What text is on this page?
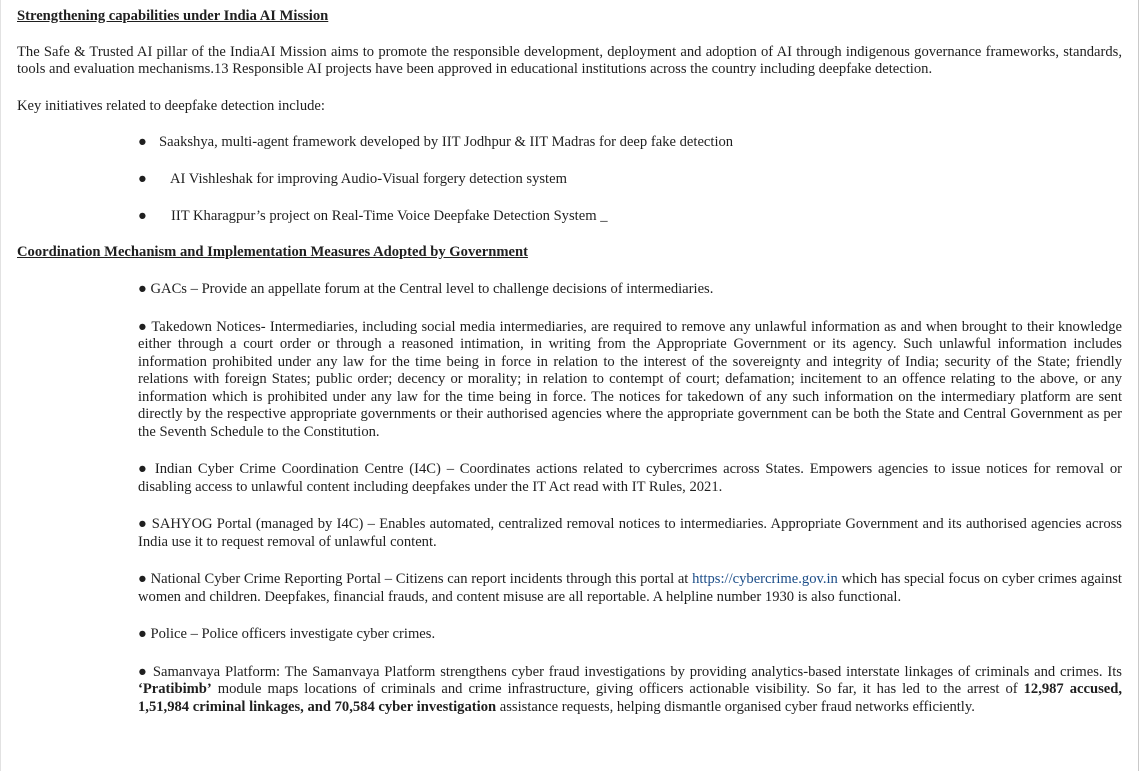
Strengthening capabilities under India AI Mission

The Safe & Trusted AI pillar of the IndiaAI Mission aims to promote the responsible development, deployment and adoption of AI through indigenous governance frameworks, standards, tools and evaluation mechanisms.13 Responsible AI projects have been approved in educational institutions across the country including deepfake detection.

Key initiatives related to deepfake detection include:

● Saakshya, multi-agent framework developed by IIT Jodhpur & IIT Madras for deep fake detection
● AI Vishleshak for improving Audio-Visual forgery detection system
● IIT Kharagpur’s project on Real-Time Voice Deepfake Detection System _

Coordination Mechanism and Implementation Measures Adopted by Government

● GACs – Provide an appellate forum at the Central level to challenge decisions of intermediaries.

● Takedown Notices- Intermediaries, including social media intermediaries, are required to remove any unlawful information as and when brought to their knowledge either through a court order or through a reasoned intimation, in writing from the Appropriate Government or its agency. Such unlawful information includes information prohibited under any law for the time being in force in relation to the interest of the sovereignty and integrity of India; security of the State; friendly relations with foreign States; public order; decency or morality; in relation to contempt of court; defamation; incitement to an offence relating to the above, or any information which is prohibited under any law for the time being in force. The notices for takedown of any such information on the intermediary platform are sent directly by the respective appropriate governments or their authorised agencies where the appropriate government can be both the State and Central Government as per the Seventh Schedule to the Constitution.

● Indian Cyber Crime Coordination Centre (I4C) – Coordinates actions related to cybercrimes across States. Empowers agencies to issue notices for removal or disabling access to unlawful content including deepfakes under the IT Act read with IT Rules, 2021.

● SAHYOG Portal (managed by I4C) – Enables automated, centralized removal notices to intermediaries. Appropriate Government and its authorised agencies across India use it to request removal of unlawful content.

● National Cyber Crime Reporting Portal – Citizens can report incidents through this portal at https://cybercrime.gov.in which has special focus on cyber crimes against women and children. Deepfakes, financial frauds, and content misuse are all reportable. A helpline number 1930 is also functional.

● Police – Police officers investigate cyber crimes.

● Samanvaya Platform: The Samanvaya Platform strengthens cyber fraud investigations by providing analytics-based interstate linkages of criminals and crimes. Its ‘Pratibimb’ module maps locations of criminals and crime infrastructure, giving officers actionable visibility. So far, it has led to the arrest of 12,987 accused, 1,51,984 criminal linkages, and 70,584 cyber investigation assistance requests, helping dismantle organised cyber fraud networks efficiently.
